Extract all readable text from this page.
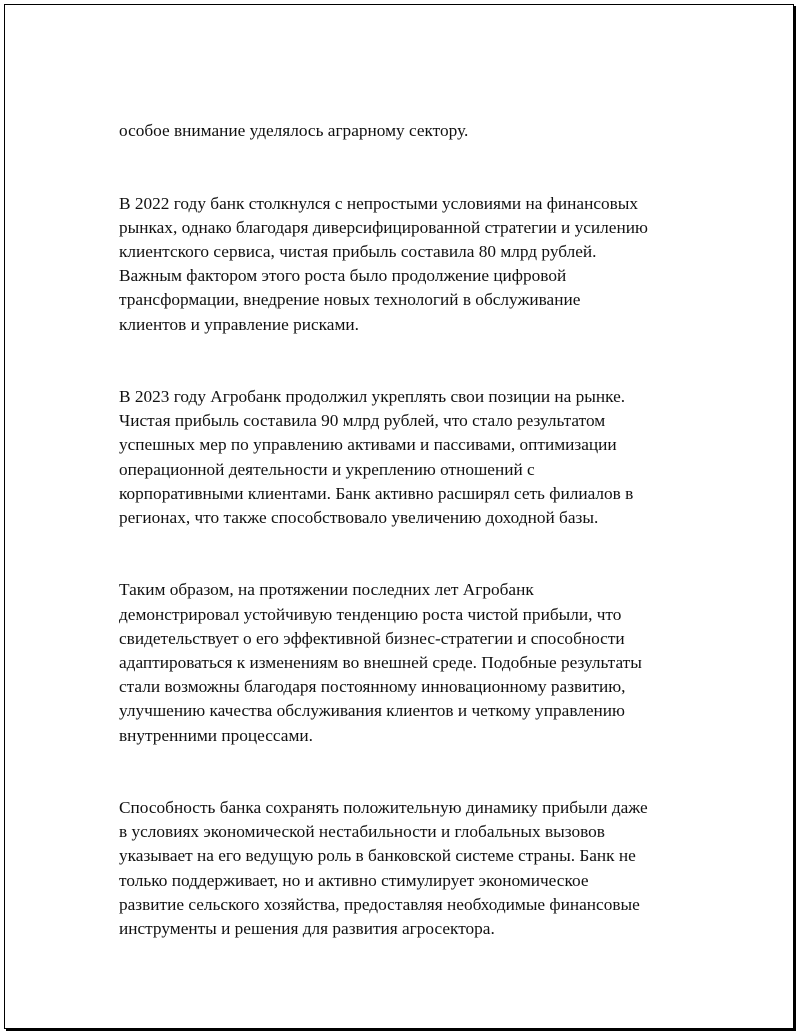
особое внимание уделялось аграрному сектору.

В 2022 году банк столкнулся с непростыми условиями на финансовых
рынках, однако благодаря диверсифицированной стратегии и усилению
клиентского сервиса, чистая прибыль составила 80 млрд рублей.
Важным фактором этого роста было продолжение цифровой
трансформации, внедрение новых технологий в обслуживание
клиентов и управление рисками.

В 2023 году Агробанк продолжил укреплять свои позиции на рынке.
Чистая прибыль составила 90 млрд рублей, что стало результатом
успешных мер по управлению активами и пассивами, оптимизации
операционной деятельности и укреплению отношений с
корпоративными клиентами. Банк активно расширял сеть филиалов в
регионах, что также способствовало увеличению доходной базы.

Таким образом, на протяжении последних лет Агробанк
демонстрировал устойчивую тенденцию роста чистой прибыли, что
свидетельствует о его эффективной бизнес-стратегии и способности
адаптироваться к изменениям во внешней среде. Подобные результаты
стали возможны благодаря постоянному инновационному развитию,
улучшению качества обслуживания клиентов и четкому управлению
внутренними процессами.

Способность банка сохранять положительную динамику прибыли даже
в условиях экономической нестабильности и глобальных вызовов
указывает на его ведущую роль в банковской системе страны. Банк не
только поддерживает, но и активно стимулирует экономическое
развитие сельского хозяйства, предоставляя необходимые финансовые
инструменты и решения для развития агросектора.
